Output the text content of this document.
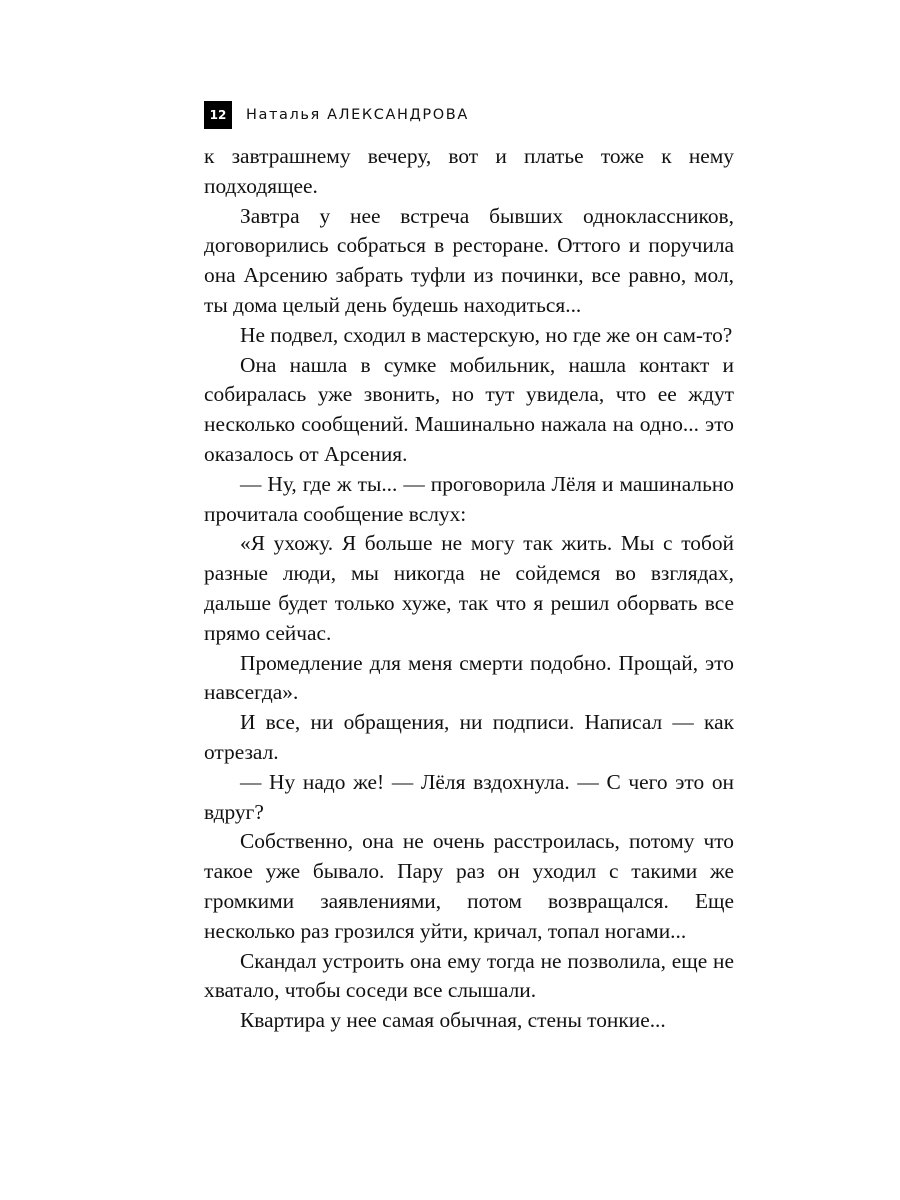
12	Наталья АЛЕКСАНДРОВА

к завтрашнему вечеру, вот и платье тоже к нему подходящее.

Завтра у нее встреча бывших одноклассников, договорились собраться в ресторане. Оттого и поручила она Арсению забрать туфли из починки, все равно, мол, ты дома целый день будешь находиться...

Не подвел, сходил в мастерскую, но где же он сам-то?

Она нашла в сумке мобильник, нашла контакт и собиралась уже звонить, но тут увидела, что ее ждут несколько сообщений. Машинально нажала на одно... это оказалось от Арсения.

— Ну, где ж ты... — проговорила Лёля и машинально прочитала сообщение вслух:

«Я ухожу. Я больше не могу так жить. Мы с тобой разные люди, мы никогда не сойдемся во взглядах, дальше будет только хуже, так что я решил оборвать все прямо сейчас.

Промедление для меня смерти подобно. Прощай, это навсегда».

И все, ни обращения, ни подписи. Написал — как отрезал.

— Ну надо же! — Лёля вздохнула. — С чего это он вдруг?

Собственно, она не очень расстроилась, потому что такое уже бывало. Пару раз он уходил с такими же громкими заявлениями, потом возвращался. Еще несколько раз грозился уйти, кричал, топал ногами...

Скандал устроить она ему тогда не позволила, еще не хватало, чтобы соседи все слышали.

Квартира у нее самая обычная, стены тонкие...
